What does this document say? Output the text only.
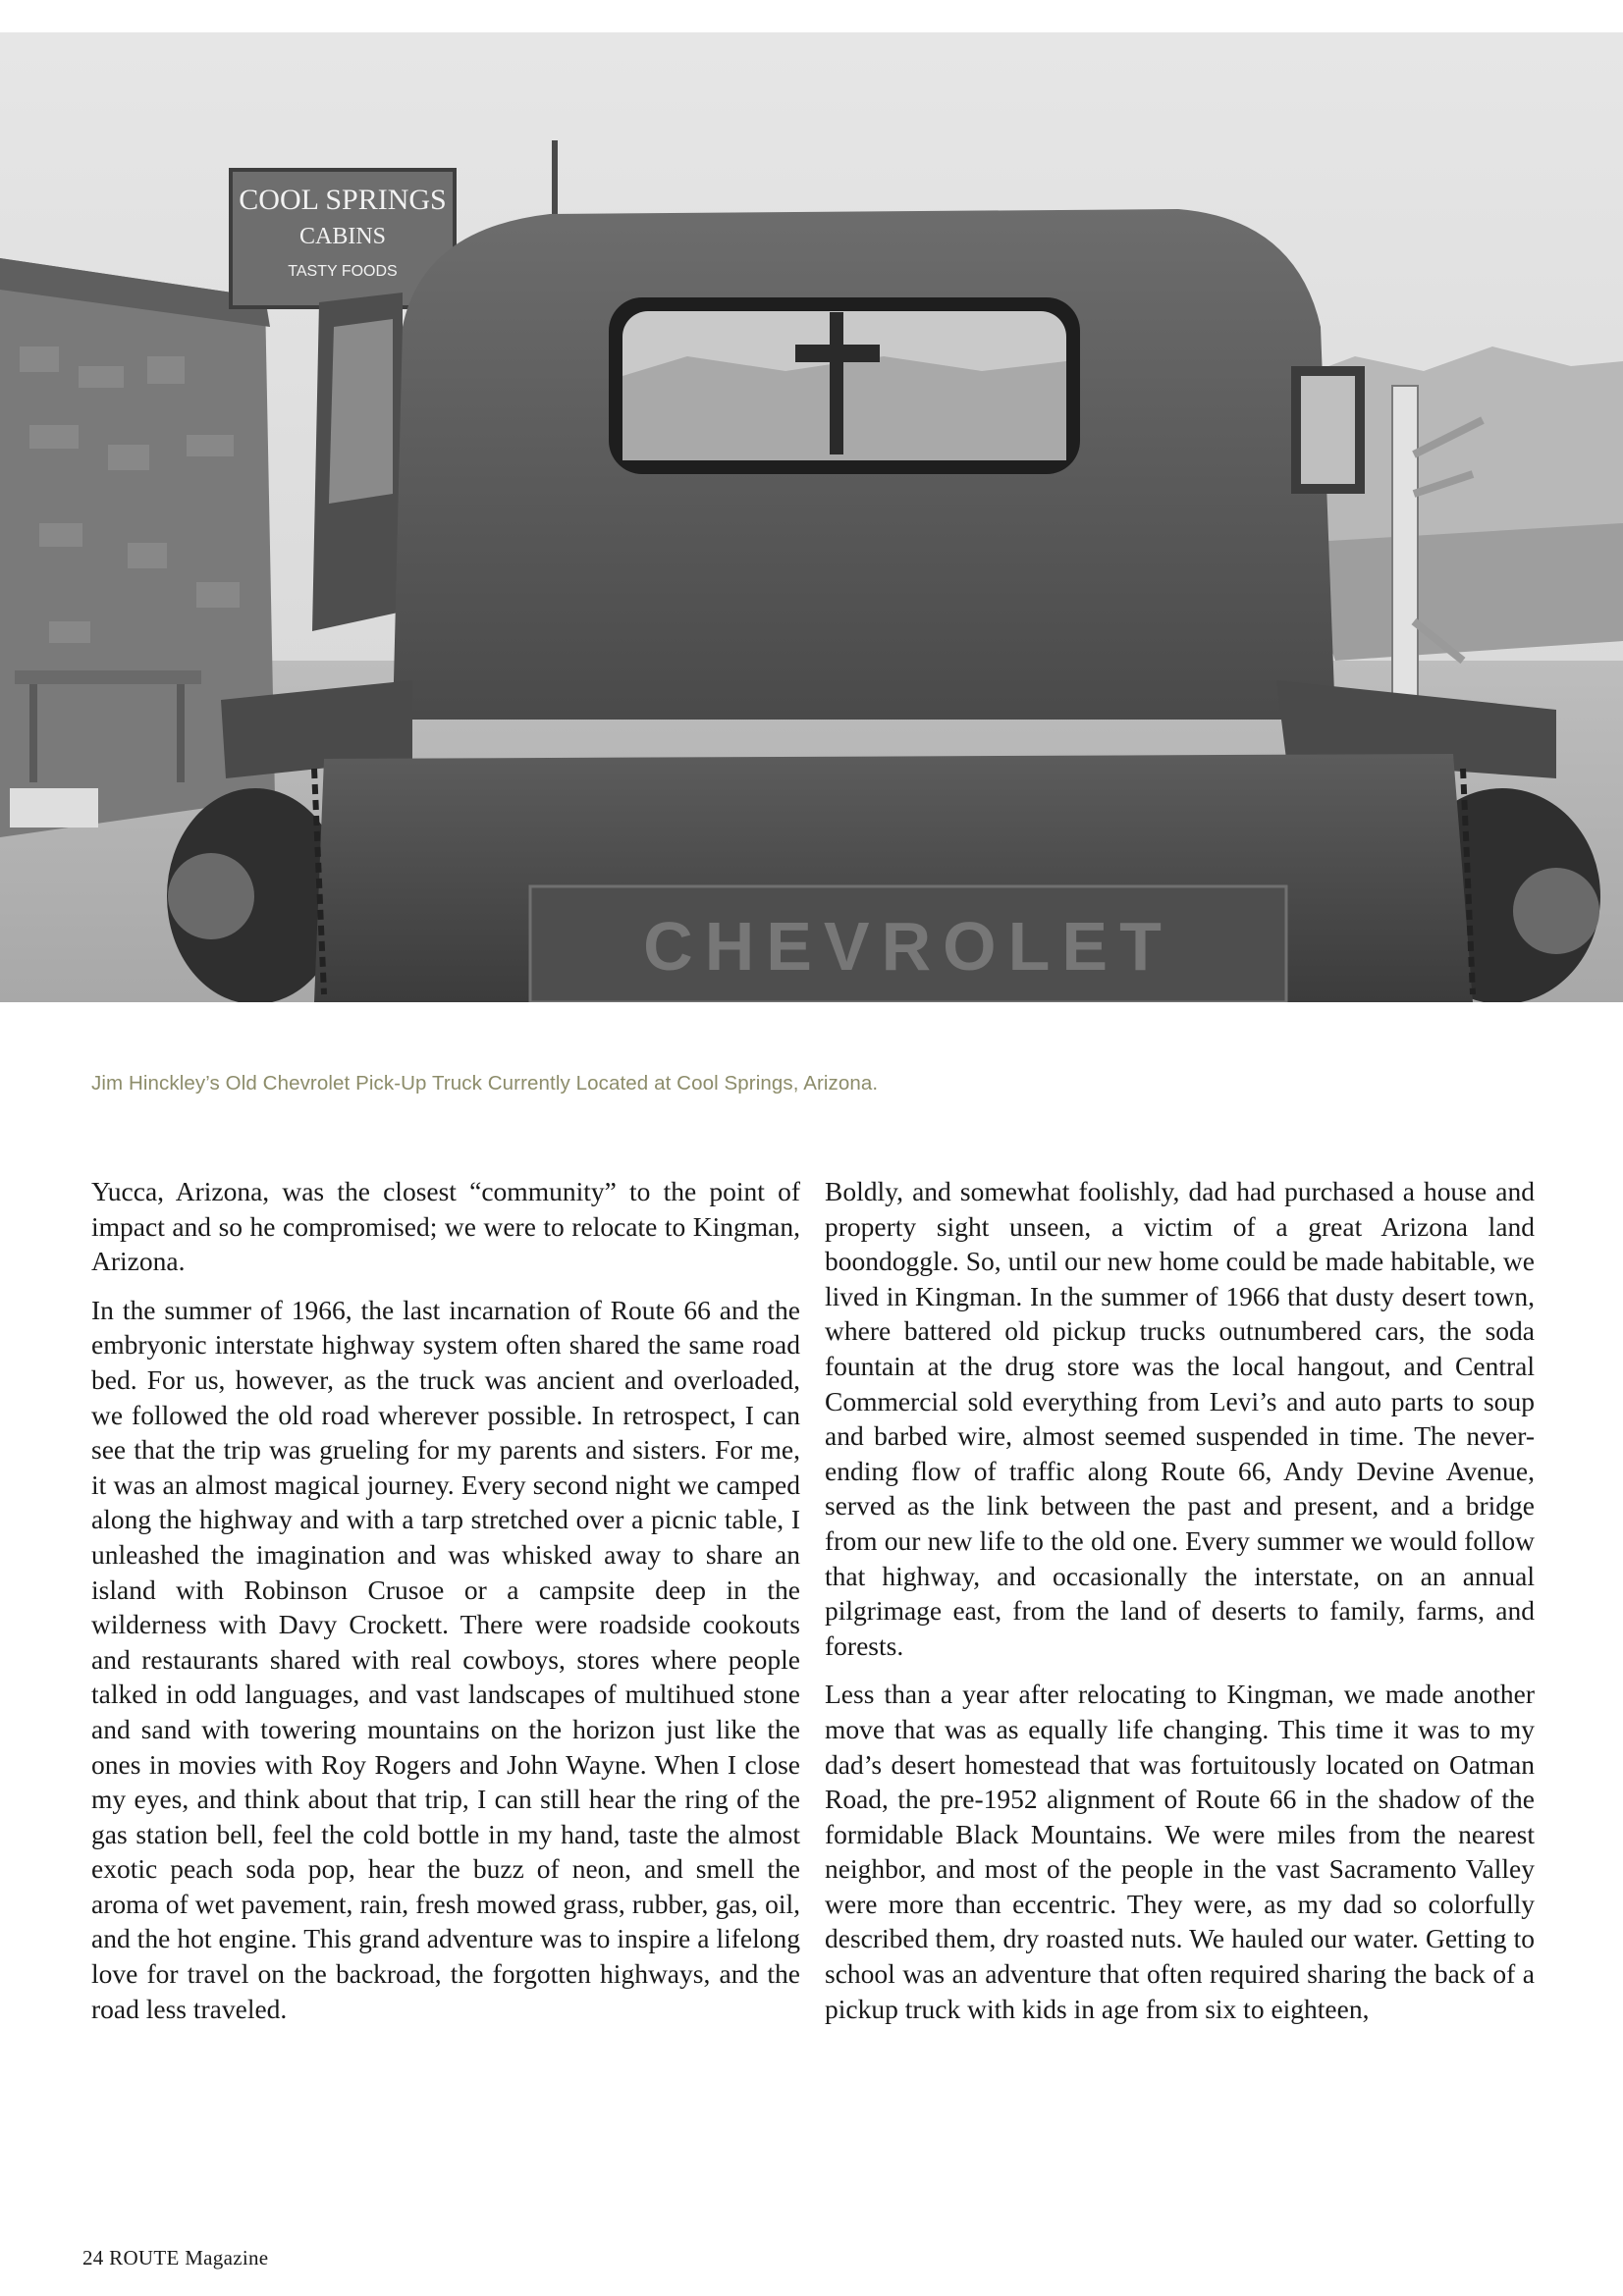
COOL SPRINGS
CABINS
TASTY FOODS
CHEVROLET
Jim Hinckley’s Old Chevrolet Pick-Up Truck Currently Located at Cool Springs, Arizona.

Yucca, Arizona, was the closest “community” to the point of impact and so he compromised; we were to relocate to Kingman, Arizona.

In the summer of 1966, the last incarnation of Route 66 and the embryonic interstate highway system often shared the same road bed. For us, however, as the truck was ancient and overloaded, we followed the old road wherever possible. In retrospect, I can see that the trip was grueling for my parents and sisters. For me, it was an almost magical journey. Every second night we camped along the highway and with a tarp stretched over a picnic table, I unleashed the imagination and was whisked away to share an island with Robinson Crusoe or a campsite deep in the wilderness with Davy Crockett. There were roadside cookouts and restaurants shared with real cowboys, stores where people talked in odd languages, and vast landscapes of multihued stone and sand with towering mountains on the horizon just like the ones in movies with Roy Rogers and John Wayne. When I close my eyes, and think about that trip, I can still hear the ring of the gas station bell, feel the cold bottle in my hand, taste the almost exotic peach soda pop, hear the buzz of neon, and smell the aroma of wet pavement, rain, fresh mowed grass, rubber, gas, oil, and the hot engine. This grand adventure was to inspire a lifelong love for travel on the backroad, the forgotten highways, and the road less traveled.

Boldly, and somewhat foolishly, dad had purchased a house and property sight unseen, a victim of a great Arizona land boondoggle. So, until our new home could be made habitable, we lived in Kingman. In the summer of 1966 that dusty desert town, where battered old pickup trucks outnumbered cars, the soda fountain at the drug store was the local hangout, and Central Commercial sold everything from Levi’s and auto parts to soup and barbed wire, almost seemed suspended in time. The never-ending flow of traffic along Route 66, Andy Devine Avenue, served as the link between the past and present, and a bridge from our new life to the old one. Every summer we would follow that highway, and occasionally the interstate, on an annual pilgrimage east, from the land of deserts to family, farms, and forests.

Less than a year after relocating to Kingman, we made another move that was as equally life changing. This time it was to my dad’s desert homestead that was fortuitously located on Oatman Road, the pre-1952 alignment of Route 66 in the shadow of the formidable Black Mountains. We were miles from the nearest neighbor, and most of the people in the vast Sacramento Valley were more than eccentric. They were, as my dad so colorfully described them, dry roasted nuts. We hauled our water. Getting to school was an adventure that often required sharing the back of a pickup truck with kids in age from six to eighteen,

24 ROUTE Magazine
